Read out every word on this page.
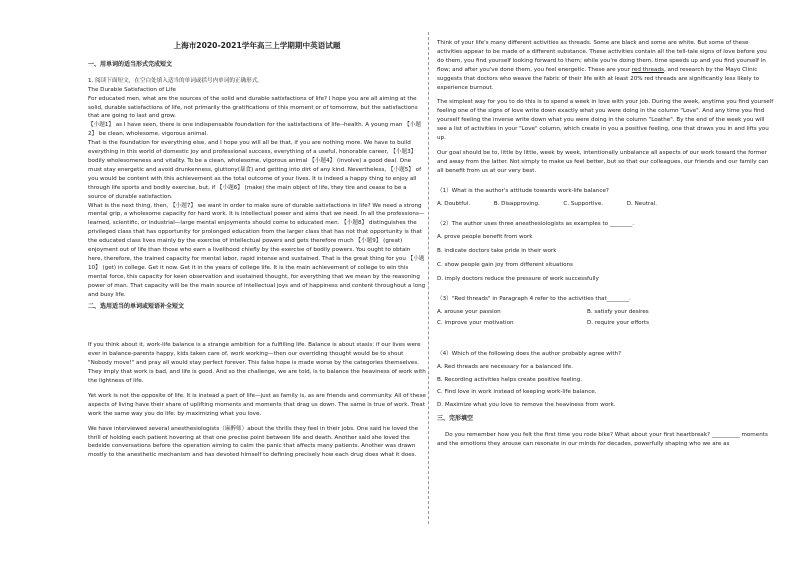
上海市2020-2021学年高三上学期期中英语试题
一、用单词的适当形式完成短文

1. 阅读下面短文，在空白处填入适当的单词或括号内单词的正确形式。

The Durable Satisfaction of Life

For educated men, what are the sources of the solid and durable satisfactions of life? I hope you are all aiming at the solid, durable satisfactions of life, not primarily the gratifications of this moment or of tomorrow, but the satisfactions that are going to last and grow.

【小题1】 as I have seen, there is one indispensable foundation for the satisfactions of life--health. A young man 【小题2】 be clean, wholesome, vigorous animal.

That is the foundation for everything else, and I hope you will all be that, if you are nothing more. We have to build everything in this world of domestic joy and professional success, everything of a useful, honorable career, 【小题3】 bodily wholesomeness and vitality. To be a clean, wholesome, vigorous animal 【小题4】 (involve) a good deal. One must stay energetic and avoid drunkenness, gluttony(暴食) and getting into dirt of any kind. Nevertheless, 【小题5】 of you would be content with this achievement as the total outcome of your lives. It is indeed a happy thing to enjoy all through life sports and bodily exercise, but, if 【小题6】 (make) the main object of life, they tire and cease to be a source of durable satisfaction.

What is the next thing, then, 【小题7】 we want in order to make sure of durable satisfactions in life? We need a strong mental grip, a wholesome capacity for hard work. It is intellectual power and aims that we need. In all the professions—learned, scientific, or industrial—large mental enjoyments should come to educated men. 【小题8】 distinguishes the privileged class that has opportunity for prolonged education from the larger class that has not that opportunity is that the educated class lives mainly by the exercise of intellectual powers and gets therefore much 【小题9】 (great) enjoyment out of life than those who earn a livelihood chiefly by the exercise of bodily powers. You ought to obtain here, therefore, the trained capacity for mental labor, rapid intense and sustained. That is the great thing for you 【小题10】 (get) in college. Get it now. Get it in the years of college life. It is the main achievement of college to win this mental force, this capacity for keen observation and sustained thought, for everything that we mean by the reasoning power of man. That capacity will be the main source of intellectual joys and of happiness and content throughout a long and busy life.

二、选用适当的单词或短语补全短文

If you think about it, work-life balance is a strange ambition for a fulfilling life. Balance is about stasis: if our lives were ever in balance-parents happy, kids taken care of, work working—then our overriding thought would be to shout "Nobody move!" and pray all would stay perfect forever. This false hope is made worse by the categories themselves. They imply that work is bad, and life is good. And so the challenge, we are told, is to balance the heaviness of work with the lightness of life.

Yet work is not the opposite of life. It is instead a part of life—just as family is, as are friends and community. All of these aspects of living have their share of uplifting moments and moments that drag us down. The same is true of work. Treat work the same way you do life: by maximizing what you love.

We have interviewed several anesthesiologists（麻醉师）about the thrills they feel in their jobs. One said he loved the thrill of holding each patient hovering at that one precise point between life and death. Another said she loved the bedside conversations before the operation aiming to calm the panic that affects many patients. Another was drawn mostly to the anesthetic mechanism and has devoted himself to defining precisely how each drug does what it does.

Think of your life's many different activities as threads. Some are black and some are white. But some of these activities appear to be made of a different substance. These activities contain all the tell-tale signs of love before you do them, you find yourself looking forward to them; while you're doing them, time speeds up and you find yourself in flow; and after you've done them, you feel energetic. These are your red threads, and research by the Mayo Clinic suggests that doctors who weave the fabric of their life with at least 20% red threads are significantly less likely to experience burnout.

The simplest way for you to do this is to spend a week in love with your job. During the week, anytime you find yourself feeling one of the signs of love write down exactly what you were doing in the column "Love". And any time you find yourself feeling the inverse write down what you were doing in the column "Loathe". By the end of the week you will see a list of activities in your "Love" column, which create in you a positive feeling, one that draws you in and lifts you up.

Our goal should be to, little by little, week by week, intentionally unbalance all aspects of our work toward the former and away from the latter. Not simply to make us feel better, but so that our colleagues, our friends and our family can all benefit from us at our very best.

（1）What is the author's attitude towards work-life balance?

A. Doubtful.	B. Disapproving.	C. Supportive.	D. Neutral.

（2）The author uses three anesthesiologists as examples to ________.

A. prove people benefit from work

B. indicate doctors take pride in their work

C. show people gain joy from different situations

D. imply doctors reduce the pressure of work successfully

（3）"Red threads" in Paragraph 4 refer to the activities that________.

A. arouse your passion	B. satisfy your desires
C. improve your motivation	D. require your efforts

（4）Which of the following does the author probably agree with?

A. Red threads are necessary for a balanced life.

B. Recording activities helps create positive feeling.

C. Find love in work instead of keeping work-life balance.

D. Maximize what you love to remove the heaviness from work.

三、完形填空

Do you remember how you felt the first time you rode bike? What about your first heartbreak? __________ moments and the emotions they arouse can resonate in our minds for decades, powerfully shaping who we are as
